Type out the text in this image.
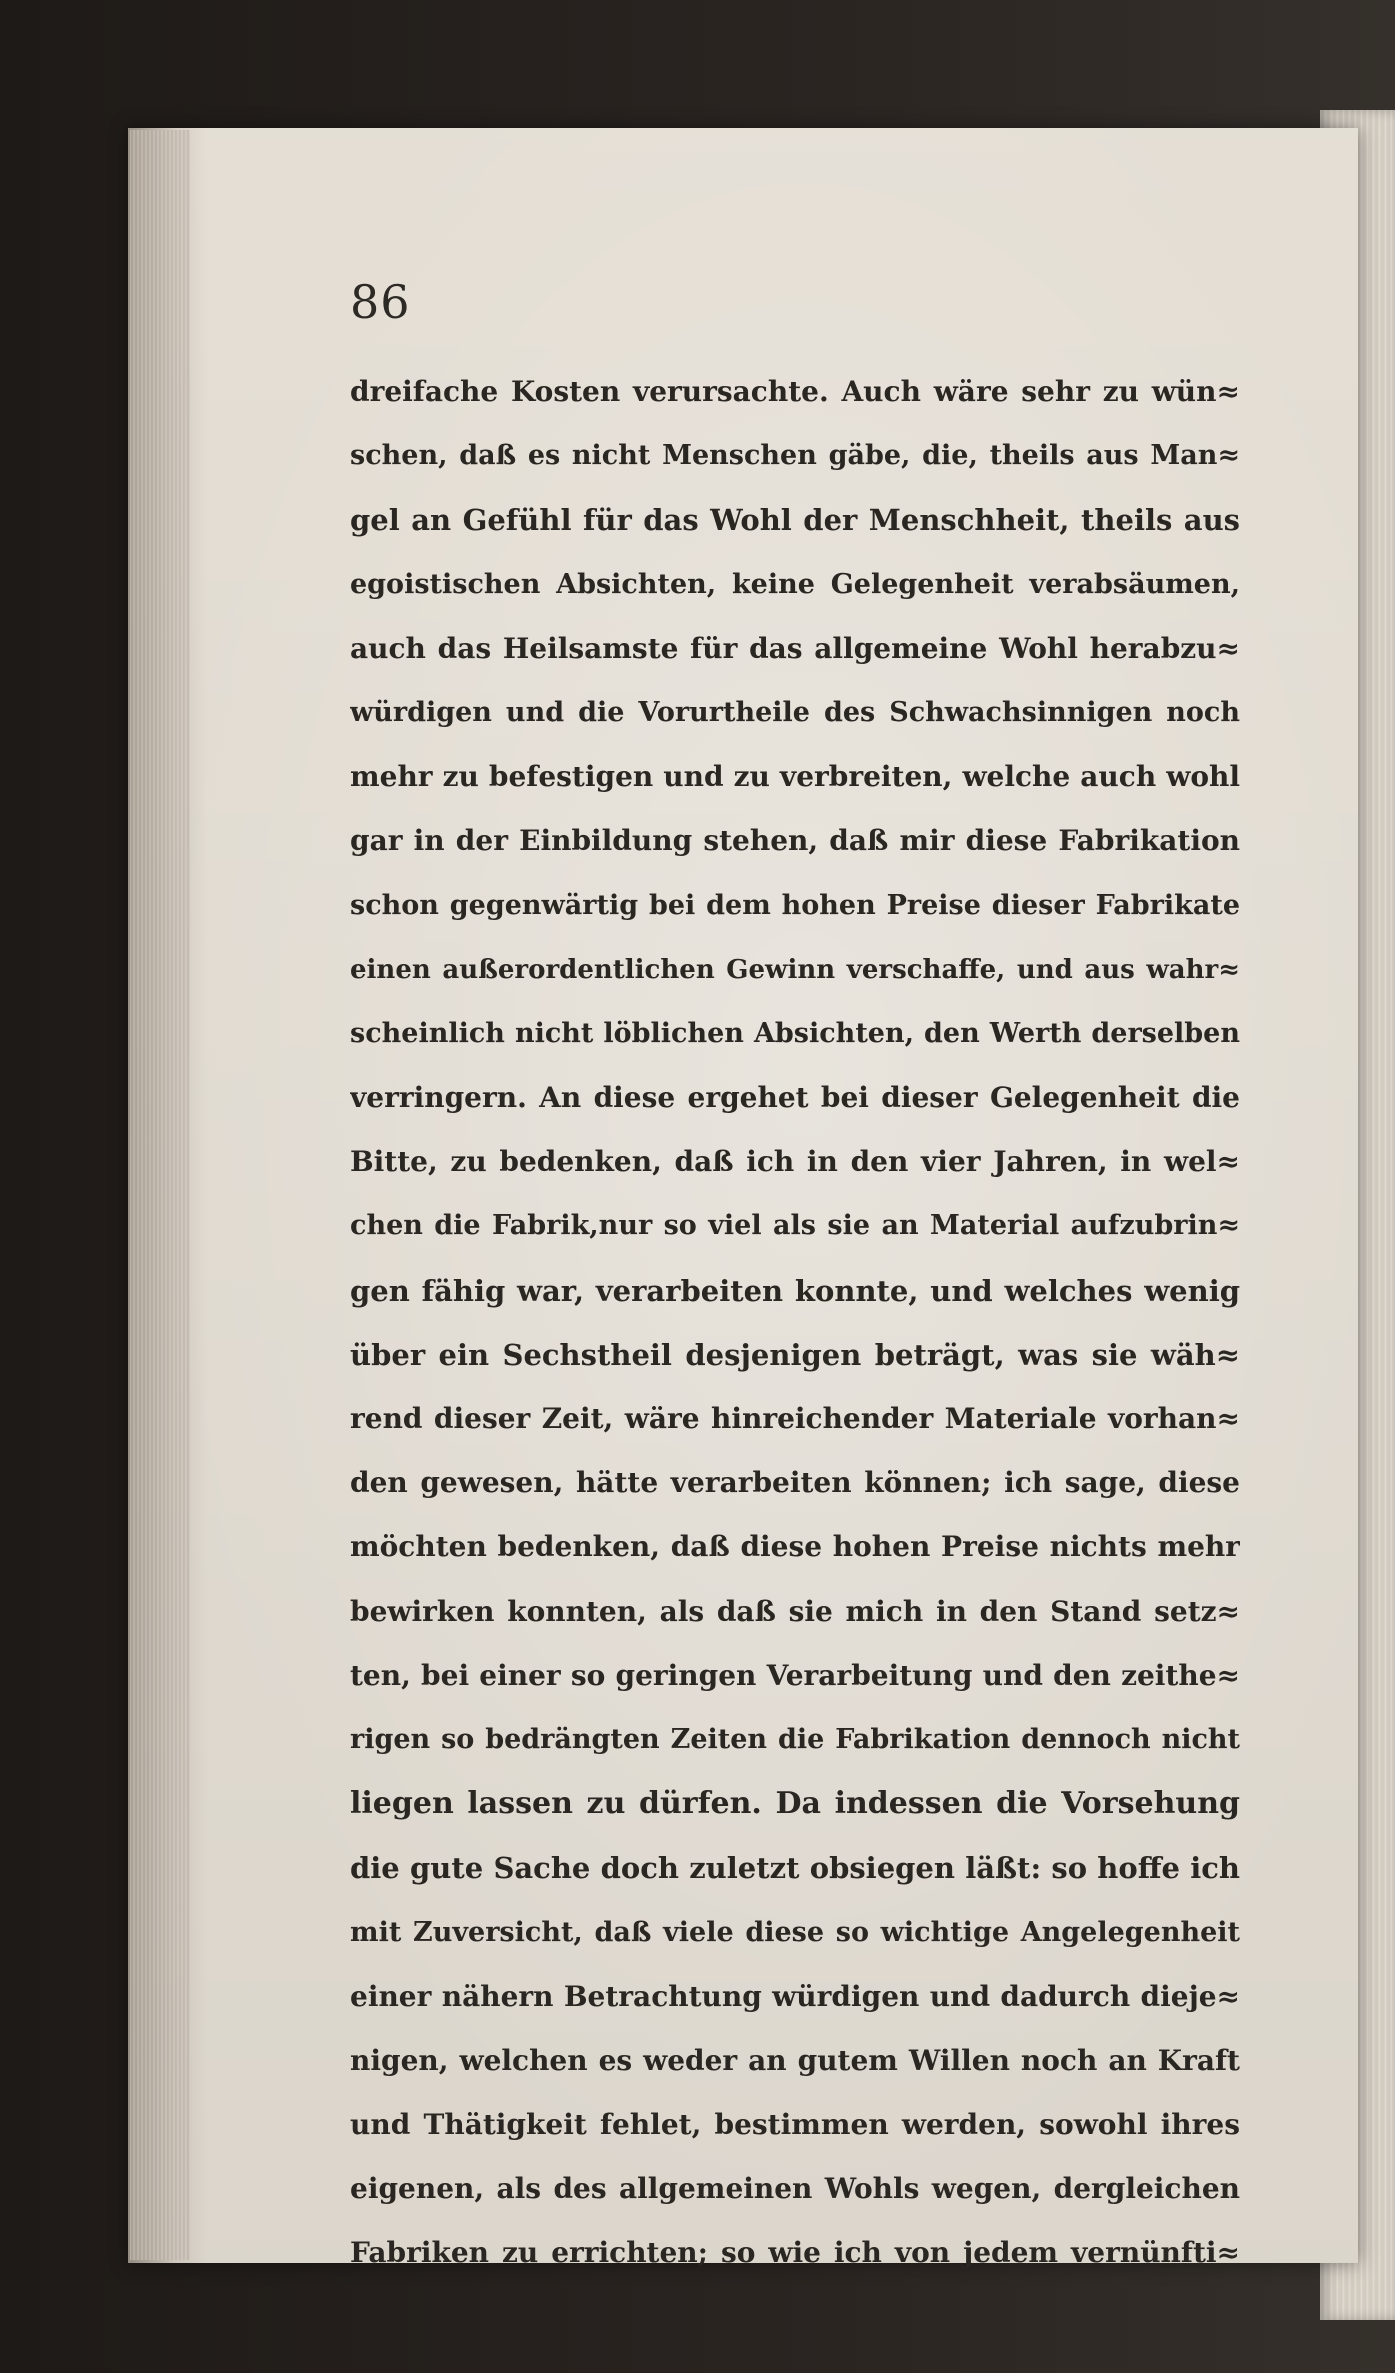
86

dreifache Kosten verursachte. Auch wäre sehr zu wün≈
schen, daß es nicht Menschen gäbe, die, theils aus Man≈
gel an Gefühl für das Wohl der Menschheit, theils aus
egoistischen Absichten, keine Gelegenheit verabsäumen,
auch das Heilsamste für das allgemeine Wohl herabzu≈
würdigen und die Vorurtheile des Schwachsinnigen noch
mehr zu befestigen und zu verbreiten, welche auch wohl
gar in der Einbildung stehen, daß mir diese Fabrikation
schon gegenwärtig bei dem hohen Preise dieser Fabrikate
einen außerordentlichen Gewinn verschaffe, und aus wahr≈
scheinlich nicht löblichen Absichten, den Werth derselben
verringern. An diese ergehet bei dieser Gelegenheit die
Bitte, zu bedenken, daß ich in den vier Jahren, in wel≈
chen die Fabrik,nur so viel als sie an Material aufzubrin≈
gen fähig war, verarbeiten konnte, und welches wenig
über ein Sechstheil desjenigen beträgt, was sie wäh≈
rend dieser Zeit, wäre hinreichender Materiale vorhan≈
den gewesen, hätte verarbeiten können; ich sage, diese
möchten bedenken, daß diese hohen Preise nichts mehr
bewirken konnten, als daß sie mich in den Stand setz≈
ten, bei einer so geringen Verarbeitung und den zeithe≈
rigen so bedrängten Zeiten die Fabrikation dennoch nicht
liegen lassen zu dürfen. Da indessen die Vorsehung
die gute Sache doch zuletzt obsiegen läßt: so hoffe ich
mit Zuversicht, daß viele diese so wichtige Angelegenheit
einer nähern Betrachtung würdigen und dadurch dieje≈
nigen, welchen es weder an gutem Willen noch an Kraft
und Thätigkeit fehlet, bestimmen werden, sowohl ihres
eigenen, als des allgemeinen Wohls wegen, dergleichen
Fabriken zu errichten; so wie ich von jedem vernünfti≈
